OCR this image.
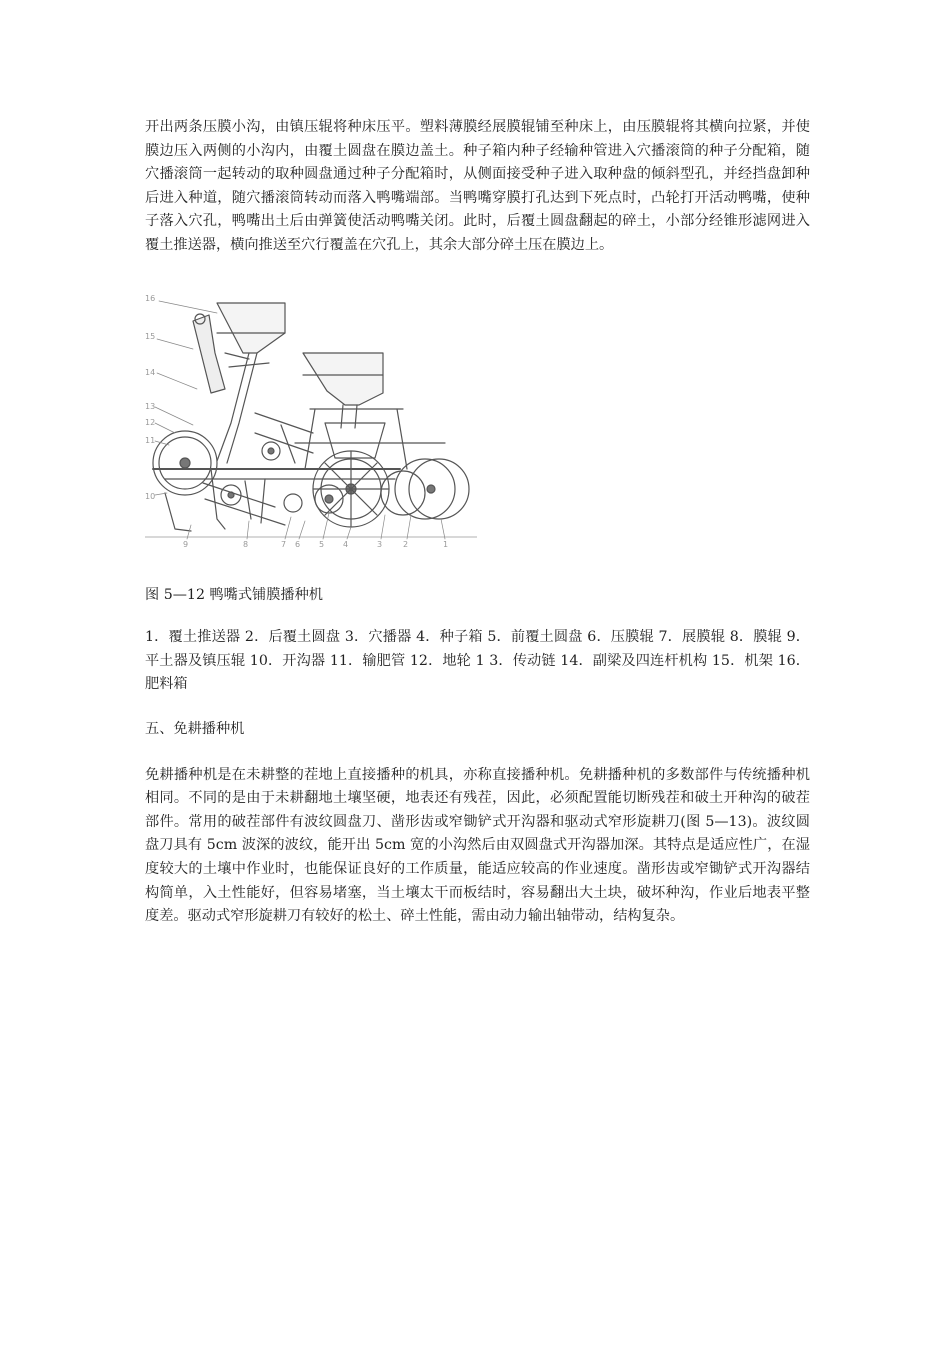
开出两条压膜小沟，由镇压辊将种床压平。塑料薄膜经展膜辊铺至种床上，由压膜辊将其横向拉紧，并使膜边压入两侧的小沟内，由覆土圆盘在膜边盖土。种子箱内种子经输种管进入穴播滚筒的种子分配箱，随穴播滚筒一起转动的取种圆盘通过种子分配箱时，从侧面接受种子进入取种盘的倾斜型孔，并经挡盘卸种后进入种道，随穴播滚筒转动而落入鸭嘴端部。当鸭嘴穿膜打孔达到下死点时，凸轮打开活动鸭嘴，使种子落入穴孔，鸭嘴出土后由弹簧使活动鸭嘴关闭。此时，后覆土圆盘翻起的碎土，小部分经锥形滤网进入覆土推送器，横向推送至穴行覆盖在穴孔上，其余大部分碎土压在膜边上。

16
15
14
13
12
11
10
9	8	7 6 5 4	3	2	1

图 5—12 鸭嘴式铺膜播种机

1．覆土推送器 2．后覆土圆盘 3．穴播器 4．种子箱 5．前覆土圆盘 6．压膜辊 7．展膜辊 8．膜辊 9．平土器及镇压辊 10．开沟器 11．输肥管 12．地轮 1 3．传动链 14．副梁及四连杆机构 15．机架 16．肥料箱

五、免耕播种机

免耕播种机是在未耕整的茬地上直接播种的机具，亦称直接播种机。免耕播种机的多数部件与传统播种机相同。不同的是由于未耕翻地土壤坚硬，地表还有残茬，因此，必须配置能切断残茬和破土开种沟的破茬部件。常用的破茬部件有波纹圆盘刀、凿形齿或窄锄铲式开沟器和驱动式窄形旋耕刀(图 5—13)。波纹圆盘刀具有 5cm 波深的波纹，能开出 5cm 宽的小沟然后由双圆盘式开沟器加深。其特点是适应性广，在湿度较大的土壤中作业时，也能保证良好的工作质量，能适应较高的作业速度。凿形齿或窄锄铲式开沟器结构简单，入土性能好，但容易堵塞，当土壤太干而板结时，容易翻出大土块，破坏种沟，作业后地表平整度差。驱动式窄形旋耕刀有较好的松土、碎土性能，需由动力输出轴带动，结构复杂。
